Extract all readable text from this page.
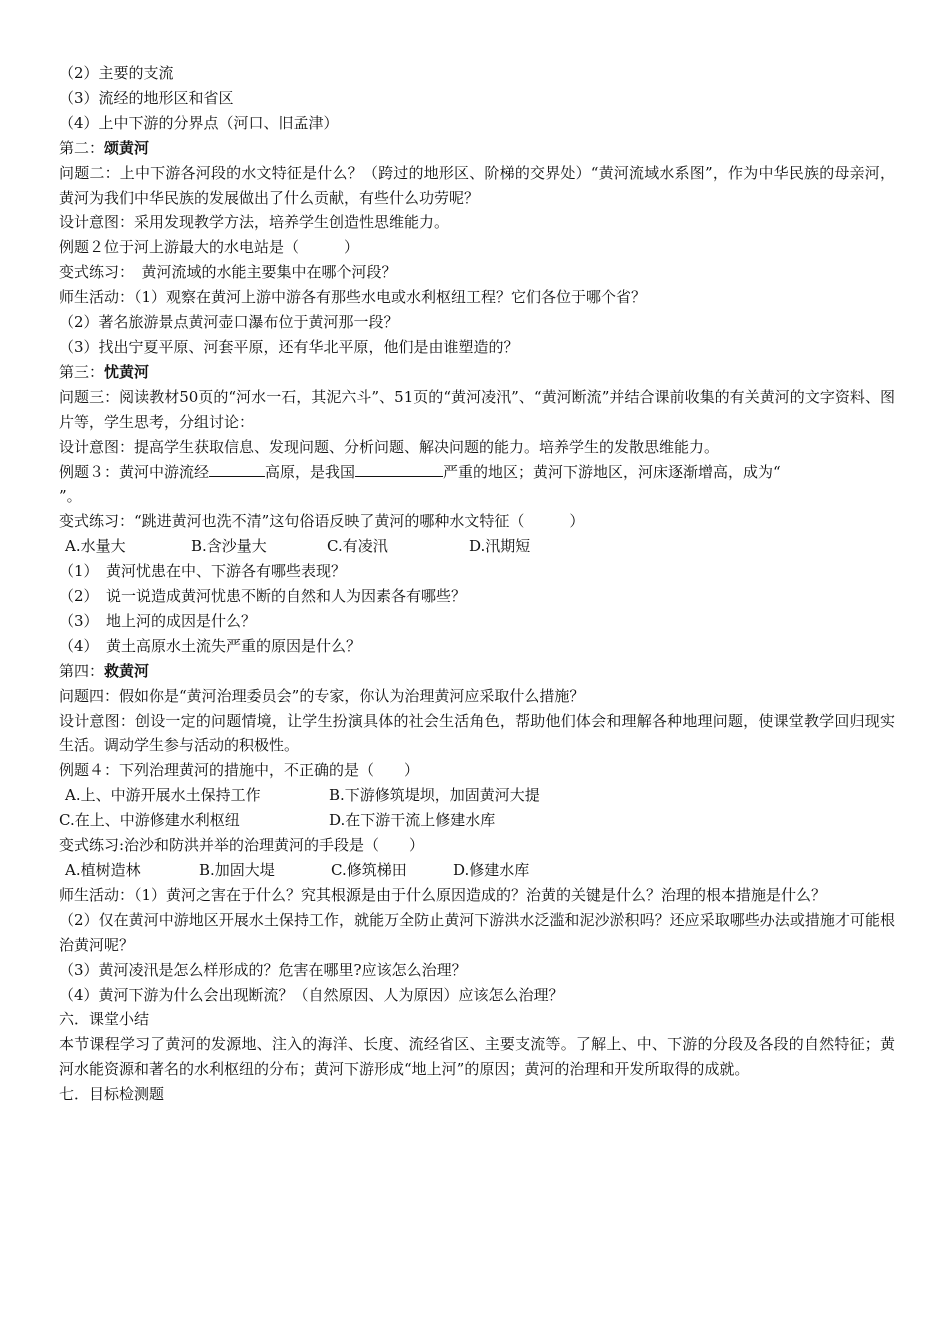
（2）主要的支流
（3）流经的地形区和省区
（4）上中下游的分界点（河口、旧孟津）
第二：颂黄河
问题二：上中下游各河段的水文特征是什么？（跨过的地形区、阶梯的交界处）“黄河流域水系图”，作为中华民族的母亲河，黄河为我们中华民族的发展做出了什么贡献，有些什么功劳呢？
设计意图：采用发现教学方法，培养学生创造性思维能力。
例题２位于河上游最大的水电站是（　　　）
变式练习：　黄河流域的水能主要集中在哪个河段？
师生活动：（1）观察在黄河上游中游各有那些水电或水利枢纽工程？它们各位于哪个省？
（2）著名旅游景点黄河壶口瀑布位于黄河那一段？
（3）找出宁夏平原、河套平原，还有华北平原，他们是由谁塑造的？
第三：忧黄河
问题三：阅读教材50页的“河水一石，其泥六斗”、51页的“黄河凌汛”、“黄河断流”并结合课前收集的有关黄河的文字资料、图片等，学生思考，分组讨论：
设计意图：提高学生获取信息、发现问题、分析问题、解决问题的能力。培养学生的发散思维能力。
例题３：黄河中游流经	高原，是我国	严重的地区；黄河下游地区，河床逐渐增高，成为“
”。
变式练习：“跳进黄河也洗不清”这句俗语反映了黄河的哪种水文特征（　　　）
A.水量大	B.含沙量大	C.有凌汛	D.汛期短
（1）　黄河忧患在中、下游各有哪些表现？
（2）　说一说造成黄河忧患不断的自然和人为因素各有哪些？
（3）　地上河的成因是什么？
（4）　黄土高原水土流失严重的原因是什么？
第四：救黄河
问题四：假如你是“黄河治理委员会”的专家，你认为治理黄河应采取什么措施？
设计意图：创设一定的问题情境，让学生扮演具体的社会生活角色，帮助他们体会和理解各种地理问题，使课堂教学回归现实生活。调动学生参与活动的积极性。
例题４：下列治理黄河的措施中，不正确的是（　　）
A.上、中游开展水土保持工作	B.下游修筑堤坝，加固黄河大提
C.在上、中游修建水利枢纽	D.在下游干流上修建水库
变式练习:治沙和防洪并举的治理黄河的手段是（　　）
A.植树造林	B.加固大堤	C.修筑梯田	D.修建水库
师生活动：（1）黄河之害在于什么？究其根源是由于什么原因造成的？治黄的关键是什么？治理的根本措施是什么？
（2）仅在黄河中游地区开展水土保持工作，就能万全防止黄河下游洪水泛滥和泥沙淤积吗？还应采取哪些办法或措施才可能根治黄河呢？
（3）黄河凌汛是怎么样形成的？危害在哪里?应该怎么治理？
（4）黄河下游为什么会出现断流？（自然原因、人为原因）应该怎么治理？
六．课堂小结
本节课程学习了黄河的发源地、注入的海洋、长度、流经省区、主要支流等。了解上、中、下游的分段及各段的自然特征；黄河水能资源和著名的水利枢纽的分布；黄河下游形成“地上河”的原因；黄河的治理和开发所取得的成就。
七．目标检测题
